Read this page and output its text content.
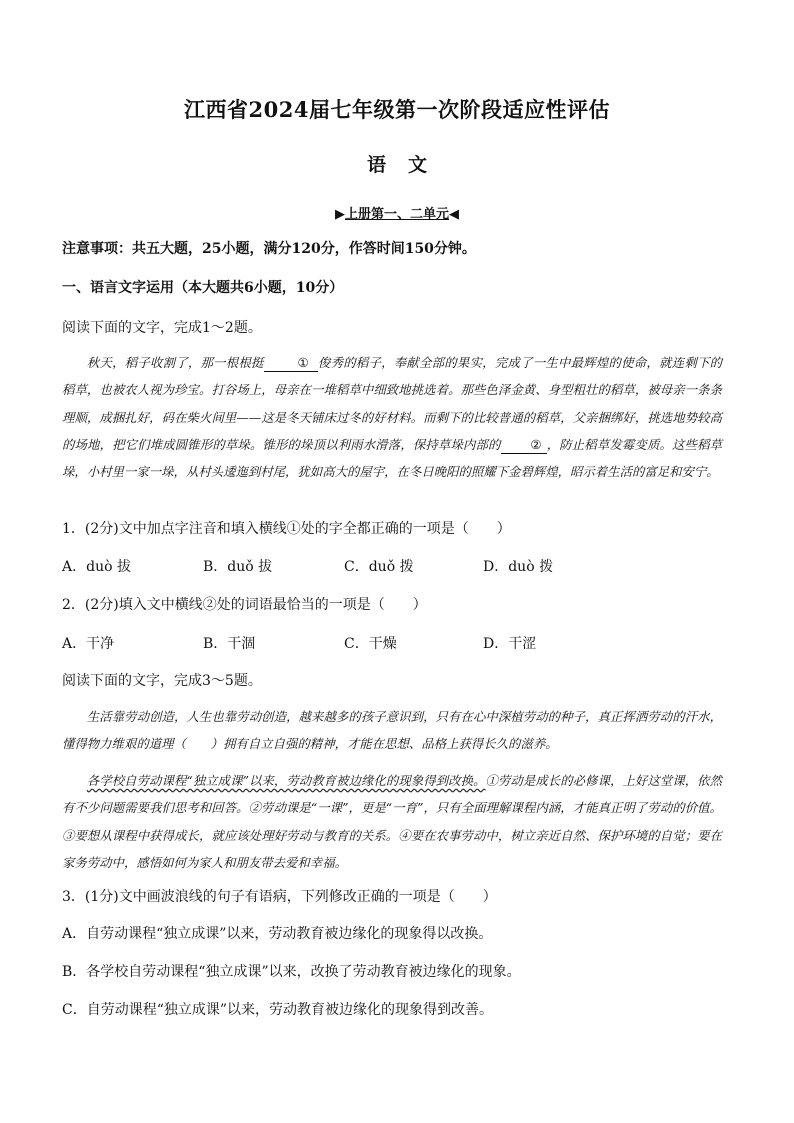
江西省2024届七年级第一次阶段适应性评估
语文
▶上册第一、二单元◀
注意事项：共五大题，25小题，满分120分，作答时间150分钟。
一、语言文字运用（本大题共6小题，10分）
阅读下面的文字，完成1～2题。
秋天，稻子收割了，那一根根挺	① 俊秀的稻子，奉献全部的果实，完成了一生中最辉煌的使命，就连剩下的稻草，也被农人视为珍宝。打谷场上，母亲在一堆稻草中细致地挑选着。那些色泽金黄、身型粗壮的稻草，被母亲一条条理顺，成捆扎好，码在柴火间里——这是冬天铺床过冬的好材料。而剩下的比较普通的稻草，父亲捆绑好，挑选地势较高的场地，把它们堆成圆锥形的草垛。锥形的垛顶以利雨水滑落，保持草垛内部的 ② ，防止稻草发霉变质。这些稻草垛，小村里一家一垛，从村头逶迤到村尾，犹如高大的屋宇，在冬日晚阳的照耀下金碧辉煌，昭示着生活的富足和安宁。
1．(2分)文中加点字注音和填入横线①处的字全都正确的一项是（　　）
A．duò 拔	B．duǒ 拔	C．duǒ 拨	D．duò 拨
2．(2分)填入文中横线②处的词语最恰当的一项是（　　）
A．干净	B．干涸	C．干燥	D．干涩
阅读下面的文字，完成3～5题。
生活靠劳动创造，人生也靠劳动创造，越来越多的孩子意识到，只有在心中深植劳动的种子，真正挥洒劳动的汗水，懂得物力维艰的道理（　　）拥有自立自强的精神，才能在思想、品格上获得长久的滋养。
各学校自劳动课程“独立成课”以来，劳动教育被边缘化的现象得到改换。①劳动是成长的必修课，上好这堂课，依然有不少问题需要我们思考和回答。②劳动课是“一课”，更是“一育”，只有全面理解课程内涵，才能真正明了劳动的价值。③要想从课程中获得成长，就应该处理好劳动与教育的关系。④要在农事劳动中，树立亲近自然、保护环境的自觉；要在家务劳动中，感悟如何为家人和朋友带去爱和幸福。
3．(1分)文中画波浪线的句子有语病，下列修改正确的一项是（　　）
A．自劳动课程“独立成课”以来，劳动教育被边缘化的现象得以改换。
B．各学校自劳动课程“独立成课”以来，改换了劳动教育被边缘化的现象。
C．自劳动课程“独立成课”以来，劳动教育被边缘化的现象得到改善。
